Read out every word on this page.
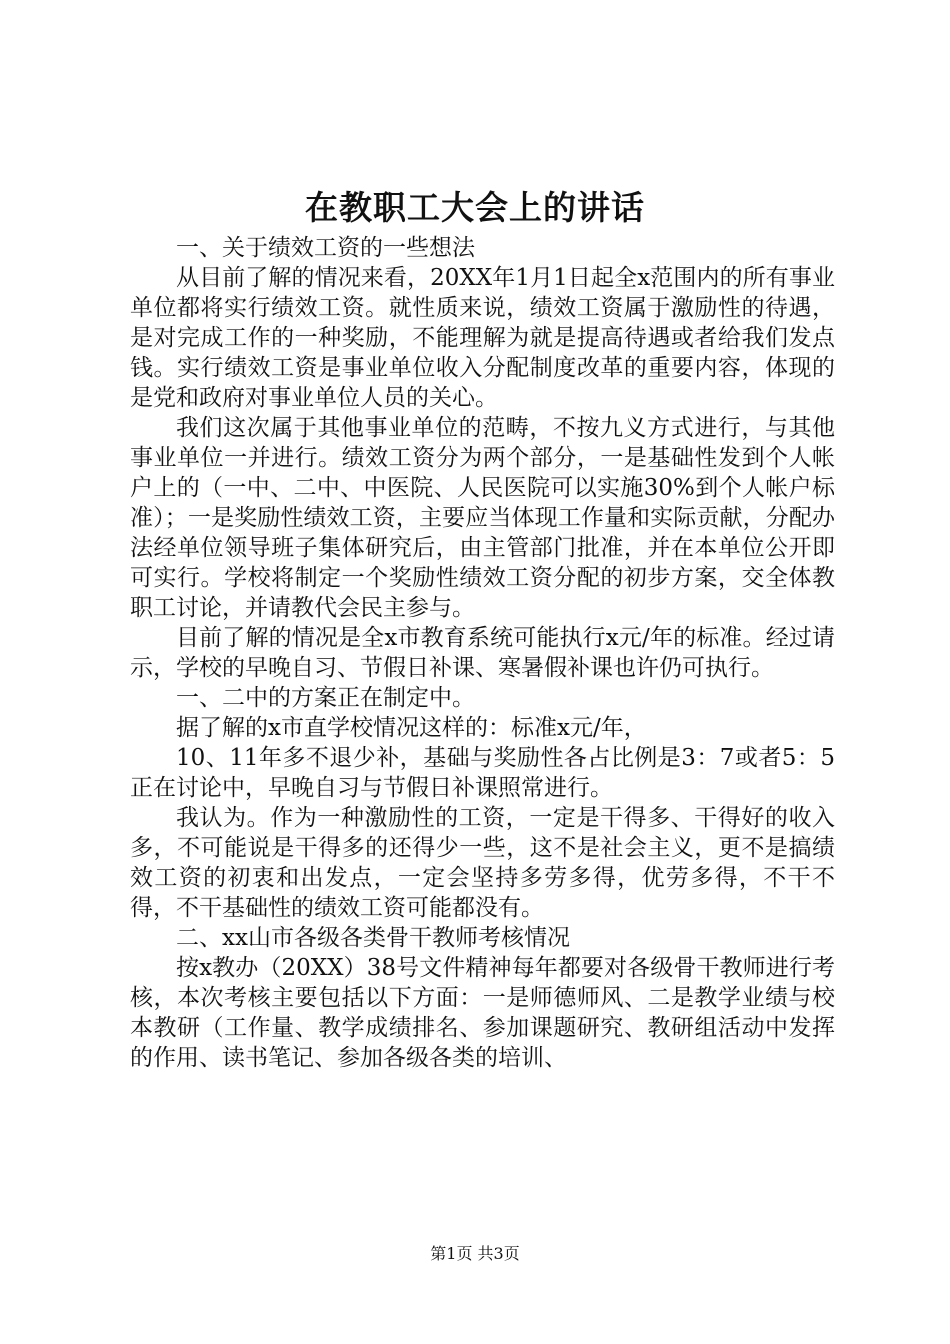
在教职工大会上的讲话

一、关于绩效工资的一些想法

从目前了解的情况来看，20XX年1月1日起全x范围内的所有事业单位都将实行绩效工资。就性质来说，绩效工资属于激励性的待遇，是对完成工作的一种奖励，不能理解为就是提高待遇或者给我们发点钱。实行绩效工资是事业单位收入分配制度改革的重要内容，体现的是党和政府对事业单位人员的关心。

我们这次属于其他事业单位的范畴，不按九义方式进行，与其他事业单位一并进行。绩效工资分为两个部分，一是基础性发到个人帐户上的（一中、二中、中医院、人民医院可以实施30%到个人帐户标准）；一是奖励性绩效工资，主要应当体现工作量和实际贡献，分配办法经单位领导班子集体研究后，由主管部门批准，并在本单位公开即可实行。学校将制定一个奖励性绩效工资分配的初步方案，交全体教职工讨论，并请教代会民主参与。

目前了解的情况是全x市教育系统可能执行x元/年的标准。经过请示，学校的早晚自习、节假日补课、寒暑假补课也许仍可执行。

一、二中的方案正在制定中。

据了解的x市直学校情况这样的：标准x元/年，

10、11年多不退少补，基础与奖励性各占比例是3：7或者5：5正在讨论中，早晚自习与节假日补课照常进行。

我认为。作为一种激励性的工资，一定是干得多、干得好的收入多，不可能说是干得多的还得少一些，这不是社会主义，更不是搞绩效工资的初衷和出发点，一定会坚持多劳多得，优劳多得，不干不得，不干基础性的绩效工资可能都没有。

二、xx山市各级各类骨干教师考核情况

按x教办（20XX）38号文件精神每年都要对各级骨干教师进行考核，本次考核主要包括以下方面：一是师德师风、二是教学业绩与校本教研（工作量、教学成绩排名、参加课题研究、教研组活动中发挥的作用、读书笔记、参加各级各类的培训、

第1页 共3页
